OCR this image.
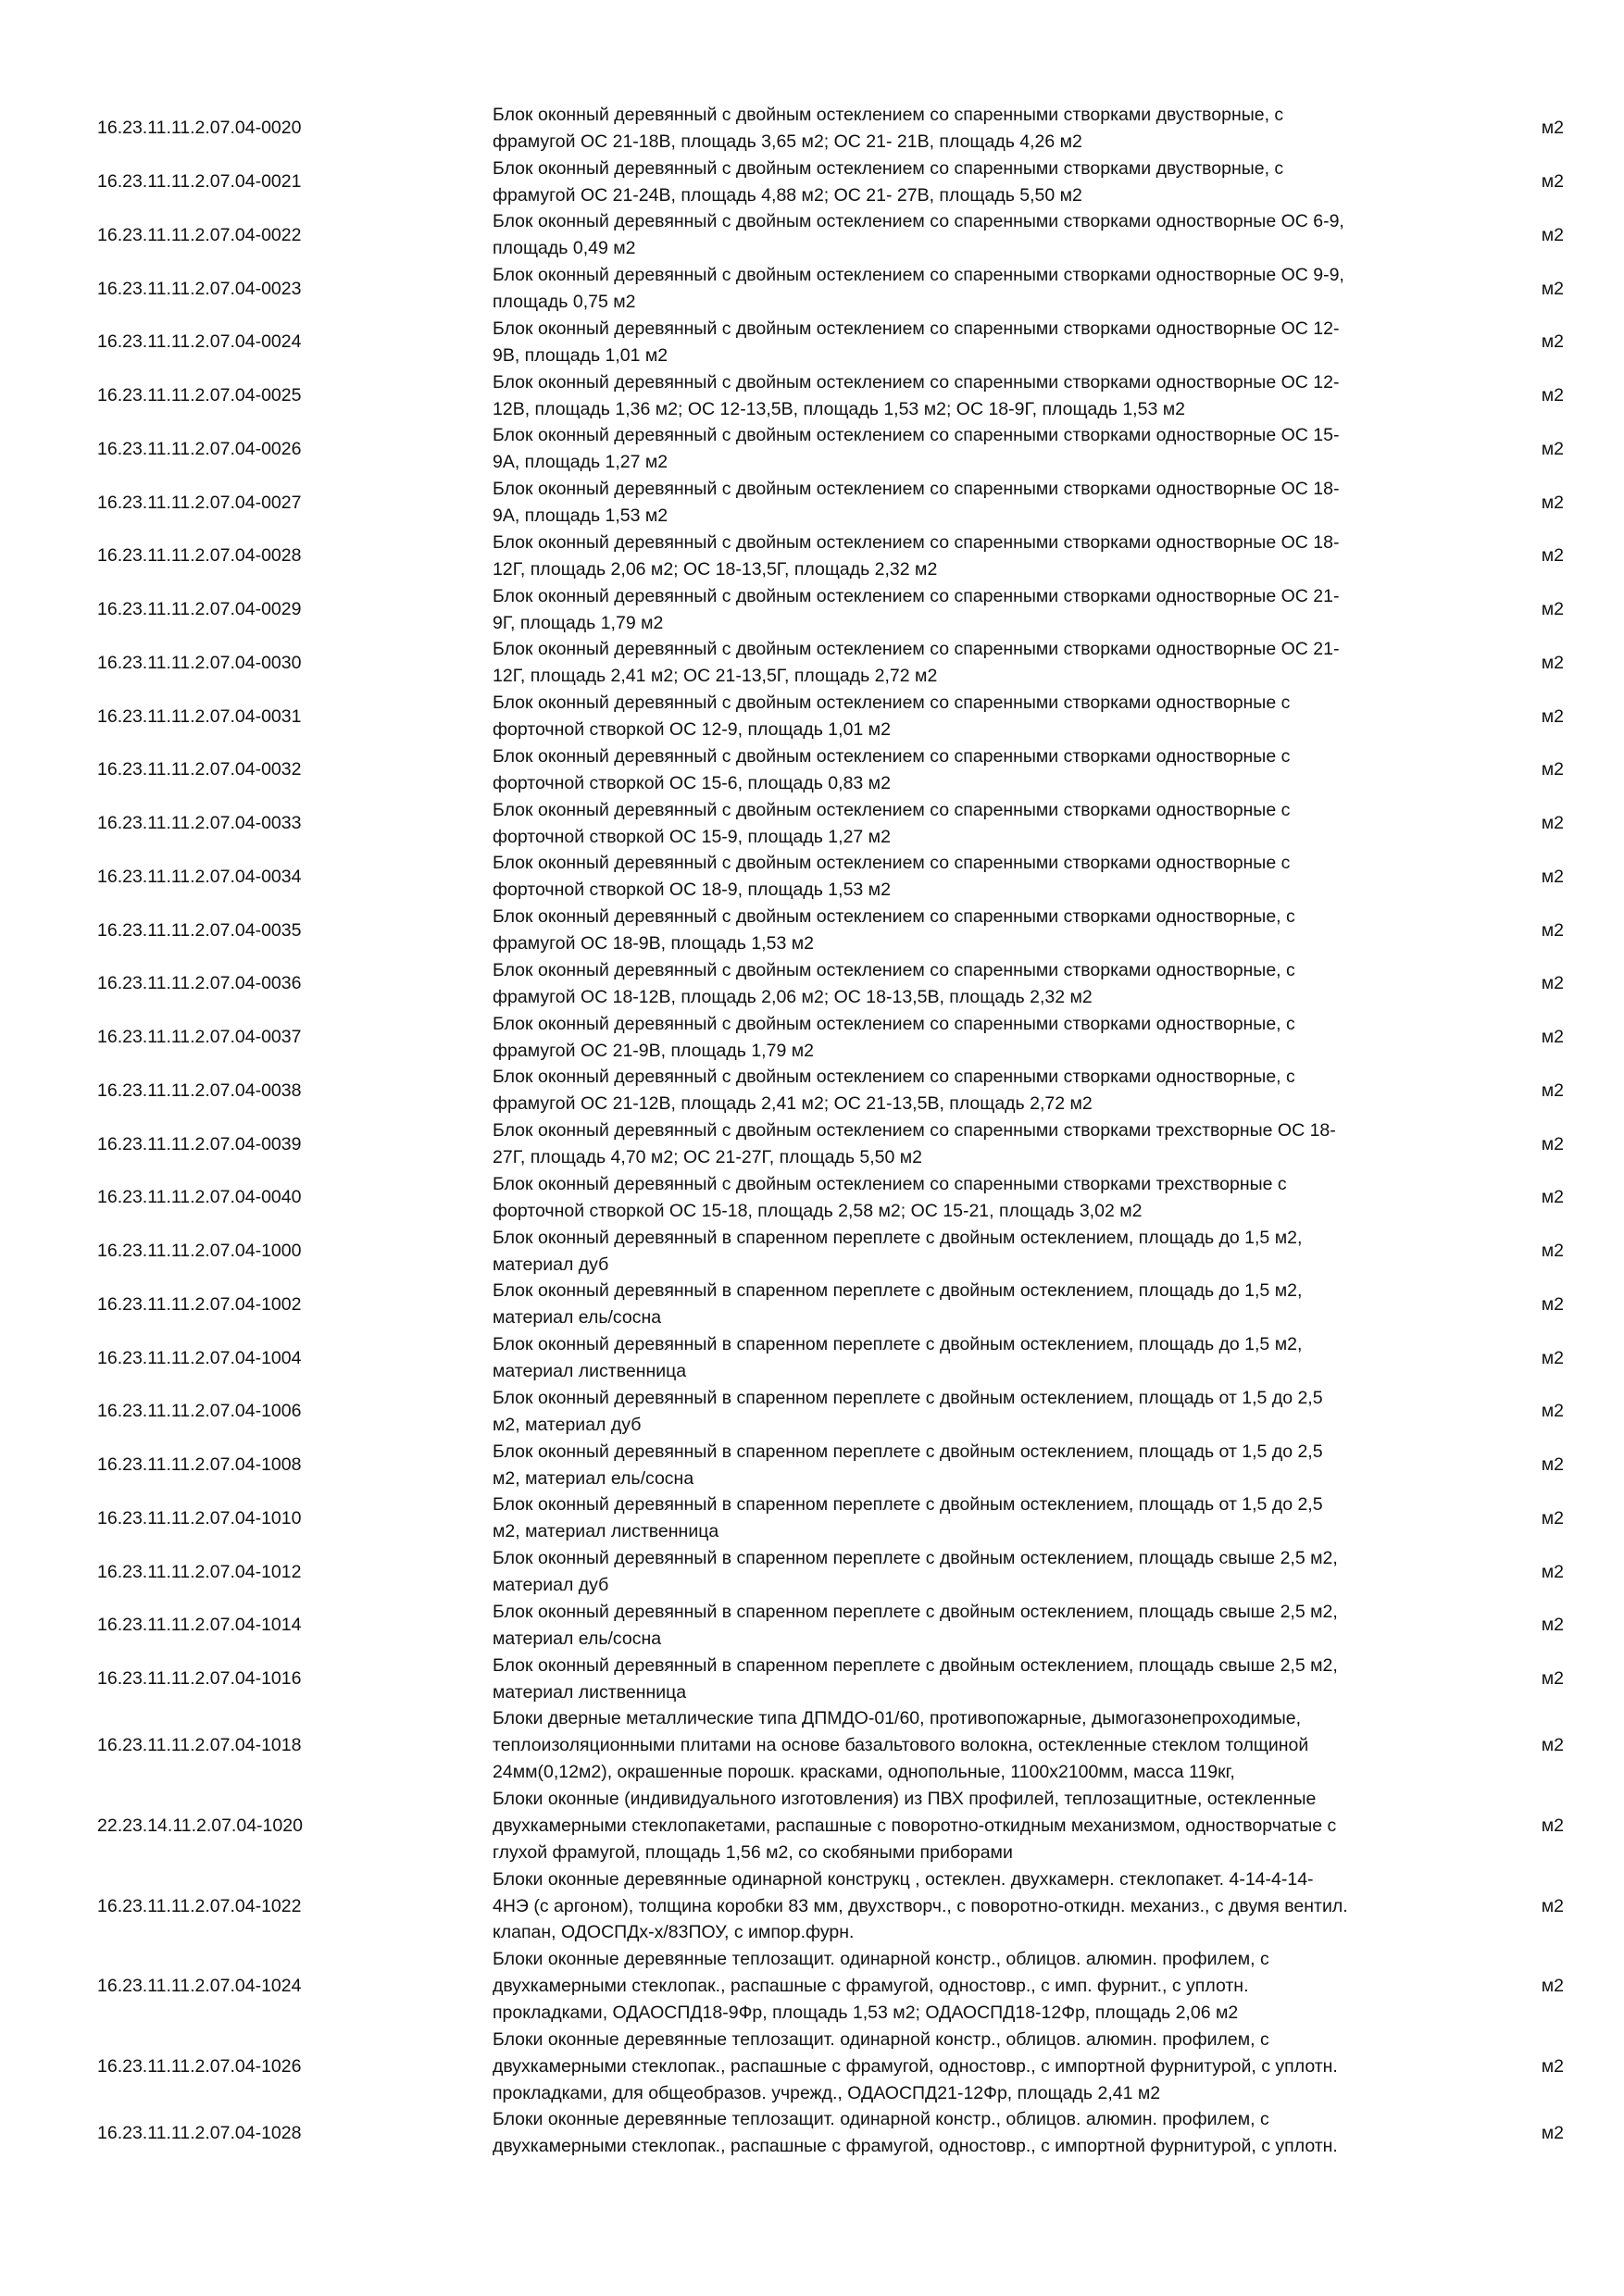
16.23.11.11.2.07.04-0020
Блок оконный деревянный с двойным остеклением со спаренными створками двустворные, с
фрамугой ОС 21-18В, площадь 3,65 м2; ОС 21- 21В, площадь 4,26 м2
м2
16.23.11.11.2.07.04-0021
Блок оконный деревянный с двойным остеклением со спаренными створками двустворные, с
фрамугой ОС 21-24В, площадь 4,88 м2; ОС 21- 27В, площадь 5,50 м2
м2
16.23.11.11.2.07.04-0022
Блок оконный деревянный с двойным остеклением со спаренными створками одностворные ОС 6-9,
площадь 0,49 м2
м2
16.23.11.11.2.07.04-0023
Блок оконный деревянный с двойным остеклением со спаренными створками одностворные ОС 9-9,
площадь 0,75 м2
м2
16.23.11.11.2.07.04-0024
Блок оконный деревянный с двойным остеклением со спаренными створками одностворные ОС 12-
9В, площадь 1,01 м2
м2
16.23.11.11.2.07.04-0025
Блок оконный деревянный с двойным остеклением со спаренными створками одностворные ОС 12-
12В, площадь 1,36 м2; ОС 12-13,5В, площадь 1,53 м2; ОС 18-9Г, площадь 1,53 м2
м2
16.23.11.11.2.07.04-0026
Блок оконный деревянный с двойным остеклением со спаренными створками одностворные ОС 15-
9А, площадь 1,27 м2
м2
16.23.11.11.2.07.04-0027
Блок оконный деревянный с двойным остеклением со спаренными створками одностворные ОС 18-
9А, площадь 1,53 м2
м2
16.23.11.11.2.07.04-0028
Блок оконный деревянный с двойным остеклением со спаренными створками одностворные ОС 18-
12Г, площадь 2,06 м2; ОС 18-13,5Г, площадь 2,32 м2
м2
16.23.11.11.2.07.04-0029
Блок оконный деревянный с двойным остеклением со спаренными створками одностворные ОС 21-
9Г, площадь 1,79 м2
м2
16.23.11.11.2.07.04-0030
Блок оконный деревянный с двойным остеклением со спаренными створками одностворные ОС 21-
12Г, площадь 2,41 м2; ОС 21-13,5Г, площадь 2,72 м2
м2
16.23.11.11.2.07.04-0031
Блок оконный деревянный с двойным остеклением со спаренными створками одностворные с
форточной створкой ОС 12-9, площадь 1,01 м2
м2
16.23.11.11.2.07.04-0032
Блок оконный деревянный с двойным остеклением со спаренными створками одностворные с
форточной створкой ОС 15-6, площадь 0,83 м2
м2
16.23.11.11.2.07.04-0033
Блок оконный деревянный с двойным остеклением со спаренными створками одностворные с
форточной створкой ОС 15-9, площадь 1,27 м2
м2
16.23.11.11.2.07.04-0034
Блок оконный деревянный с двойным остеклением со спаренными створками одностворные с
форточной створкой ОС 18-9, площадь 1,53 м2
м2
16.23.11.11.2.07.04-0035
Блок оконный деревянный с двойным остеклением со спаренными створками одностворные, с
фрамугой ОС 18-9В, площадь 1,53 м2
м2
16.23.11.11.2.07.04-0036
Блок оконный деревянный с двойным остеклением со спаренными створками одностворные, с
фрамугой ОС 18-12В, площадь 2,06 м2; ОС 18-13,5В, площадь 2,32 м2
м2
16.23.11.11.2.07.04-0037
Блок оконный деревянный с двойным остеклением со спаренными створками одностворные, с
фрамугой ОС 21-9В, площадь 1,79 м2
м2
16.23.11.11.2.07.04-0038
Блок оконный деревянный с двойным остеклением со спаренными створками одностворные, с
фрамугой ОС 21-12В, площадь 2,41 м2; ОС 21-13,5В, площадь 2,72 м2
м2
16.23.11.11.2.07.04-0039
Блок оконный деревянный с двойным остеклением со спаренными створками трехстворные ОС 18-
27Г, площадь 4,70 м2; ОС 21-27Г, площадь 5,50 м2
м2
16.23.11.11.2.07.04-0040
Блок оконный деревянный с двойным остеклением со спаренными створками трехстворные с
форточной створкой ОС 15-18, площадь 2,58 м2; ОС 15-21, площадь 3,02 м2
м2
16.23.11.11.2.07.04-1000
Блок оконный деревянный в спаренном переплете с двойным остеклением, площадь до 1,5 м2,
материал дуб
м2
16.23.11.11.2.07.04-1002
Блок оконный деревянный в спаренном переплете с двойным остеклением, площадь до 1,5 м2,
материал ель/сосна
м2
16.23.11.11.2.07.04-1004
Блок оконный деревянный в спаренном переплете с двойным остеклением, площадь до 1,5 м2,
материал лиственница
м2
16.23.11.11.2.07.04-1006
Блок оконный деревянный в спаренном переплете с двойным остеклением, площадь от 1,5 до 2,5
м2, материал дуб
м2
16.23.11.11.2.07.04-1008
Блок оконный деревянный в спаренном переплете с двойным остеклением, площадь от 1,5 до 2,5
м2, материал ель/сосна
м2
16.23.11.11.2.07.04-1010
Блок оконный деревянный в спаренном переплете с двойным остеклением, площадь от 1,5 до 2,5
м2, материал лиственница
м2
16.23.11.11.2.07.04-1012
Блок оконный деревянный в спаренном переплете с двойным остеклением, площадь свыше 2,5 м2,
материал дуб
м2
16.23.11.11.2.07.04-1014
Блок оконный деревянный в спаренном переплете с двойным остеклением, площадь свыше 2,5 м2,
материал ель/сосна
м2
16.23.11.11.2.07.04-1016
Блок оконный деревянный в спаренном переплете с двойным остеклением, площадь свыше 2,5 м2,
материал лиственница
м2
16.23.11.11.2.07.04-1018
Блоки дверные металлические типа ДПМДО-01/60, противопожарные, дымогазонепроходимые,
теплоизоляционными плитами на основе базальтового волокна, остекленные стеклом толщиной
24мм(0,12м2), окрашенные порошк. красками, однопольные, 1100х2100мм, масса 119кг,
м2
22.23.14.11.2.07.04-1020
Блоки оконные (индивидуального изготовления) из ПВХ профилей, теплозащитные, остекленные
двухкамерными стеклопакетами, распашные с поворотно-откидным механизмом, одностворчатые с
глухой фрамугой, площадь 1,56 м2, со скобяными приборами
м2
16.23.11.11.2.07.04-1022
Блоки оконные деревянные одинарной конструкц , остеклен. двухкамерн. стеклопакет. 4-14-4-14-
4НЭ (с аргоном), толщина коробки 83 мм, двухстворч., с поворотно-откидн. механиз., с двумя вентил.
клапан, ОДОСПДх-х/83ПОУ, с импор.фурн.
м2
16.23.11.11.2.07.04-1024
Блоки оконные деревянные теплозащит. одинарной констр., облицов. алюмин. профилем, с
двухкамерными стеклопак., распашные с фрамугой, одностовр., с имп. фурнит., с уплотн.
прокладками, ОДАОСПД18-9Фр, площадь 1,53 м2; ОДАОСПД18-12Фр, площадь 2,06 м2
м2
16.23.11.11.2.07.04-1026
Блоки оконные деревянные теплозащит. одинарной констр., облицов. алюмин. профилем, с
двухкамерными стеклопак., распашные с фрамугой, одностовр., с импортной фурнитурой, с уплотн.
прокладками, для общеобразов. учрежд., ОДАОСПД21-12Фр, площадь 2,41 м2
м2
16.23.11.11.2.07.04-1028
Блоки оконные деревянные теплозащит. одинарной констр., облицов. алюмин. профилем, с
двухкамерными стеклопак., распашные с фрамугой, одностовр., с импортной фурнитурой, с уплотн.
м2
